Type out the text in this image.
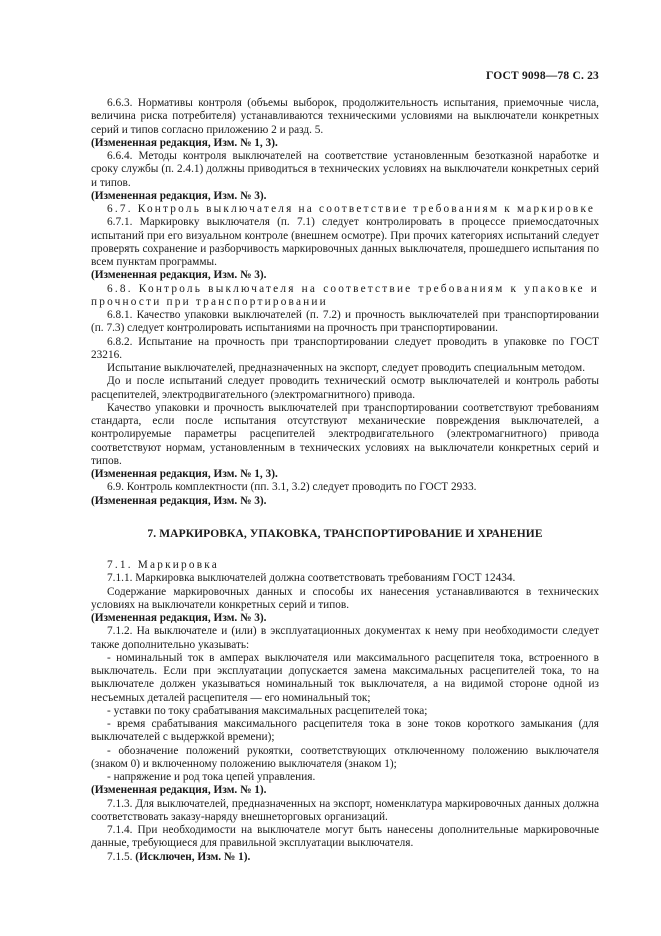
ГОСТ 9098—78 С. 23

6.6.3. Нормативы контроля (объемы выборок, продолжительность испытания, приемочные числа, величина риска потребителя) устанавливаются техническими условиями на выключатели конкретных серий и типов согласно приложению 2 и разд. 5.

(Измененная редакция, Изм. № 1, 3).

6.6.4. Методы контроля выключателей на соответствие установленным безотказной наработке и сроку службы (п. 2.4.1) должны приводиться в технических условиях на выключатели конкретных серий и типов.

(Измененная редакция, Изм. № 3).

6.7. Контроль выключателя на соответствие требованиям к маркировке

6.7.1. Маркировку выключателя (п. 7.1) следует контролировать в процессе приемосдаточных испытаний при его визуальном контроле (внешнем осмотре). При прочих категориях испытаний следует проверять сохранение и разборчивость маркировочных данных выключателя, прошедшего испытания по всем пунктам программы.

(Измененная редакция, Изм. № 3).

6.8. Контроль выключателя на соответствие требованиям к упаковке и прочности при транспортировании

6.8.1. Качество упаковки выключателей (п. 7.2) и прочность выключателей при транспортировании (п. 7.3) следует контролировать испытаниями на прочность при транспортировании.

6.8.2. Испытание на прочность при транспортировании следует проводить в упаковке по ГОСТ 23216.

Испытание выключателей, предназначенных на экспорт, следует проводить специальным методом.

До и после испытаний следует проводить технический осмотр выключателей и контроль работы расцепителей, электродвигательного (электромагнитного) привода.

Качество упаковки и прочность выключателей при транспортировании соответствуют требованиям стандарта, если после испытания отсутствуют механические повреждения выключателей, а контролируемые параметры расцепителей электродвигательного (электромагнитного) привода соответствуют нормам, установленным в технических условиях на выключатели конкретных серий и типов.

(Измененная редакция, Изм. № 1, 3).

6.9. Контроль комплектности (пп. 3.1, 3.2) следует проводить по ГОСТ 2933.

(Измененная редакция, Изм. № 3).

7. МАРКИРОВКА, УПАКОВКА, ТРАНСПОРТИРОВАНИЕ И ХРАНЕНИЕ

7.1. Маркировка

7.1.1. Маркировка выключателей должна соответствовать требованиям ГОСТ 12434.

Содержание маркировочных данных и способы их нанесения устанавливаются в технических условиях на выключатели конкретных серий и типов.

(Измененная редакция, Изм. № 3).

7.1.2. На выключателе и (или) в эксплуатационных документах к нему при необходимости следует также дополнительно указывать:

- номинальный ток в амперах выключателя или максимального расцепителя тока, встроенного в выключатель. Если при эксплуатации допускается замена максимальных расцепителей тока, то на выключателе должен указываться номинальный ток выключателя, а на видимой стороне одной из несъемных деталей расцепителя — его номинальный ток;

- уставки по току срабатывания максимальных расцепителей тока;

- время срабатывания максимального расцепителя тока в зоне токов короткого замыкания (для выключателей с выдержкой времени);

- обозначение положений рукоятки, соответствующих отключенному положению выключателя (знаком 0) и включенному положению выключателя (знаком 1);

- напряжение и род тока цепей управления.

(Измененная редакция, Изм. № 1).

7.1.3. Для выключателей, предназначенных на экспорт, номенклатура маркировочных данных должна соответствовать заказу-наряду внешнеторговых организаций.

7.1.4. При необходимости на выключателе могут быть нанесены дополнительные маркировочные данные, требующиеся для правильной эксплуатации выключателя.

7.1.5. (Исключен, Изм. № 1).
